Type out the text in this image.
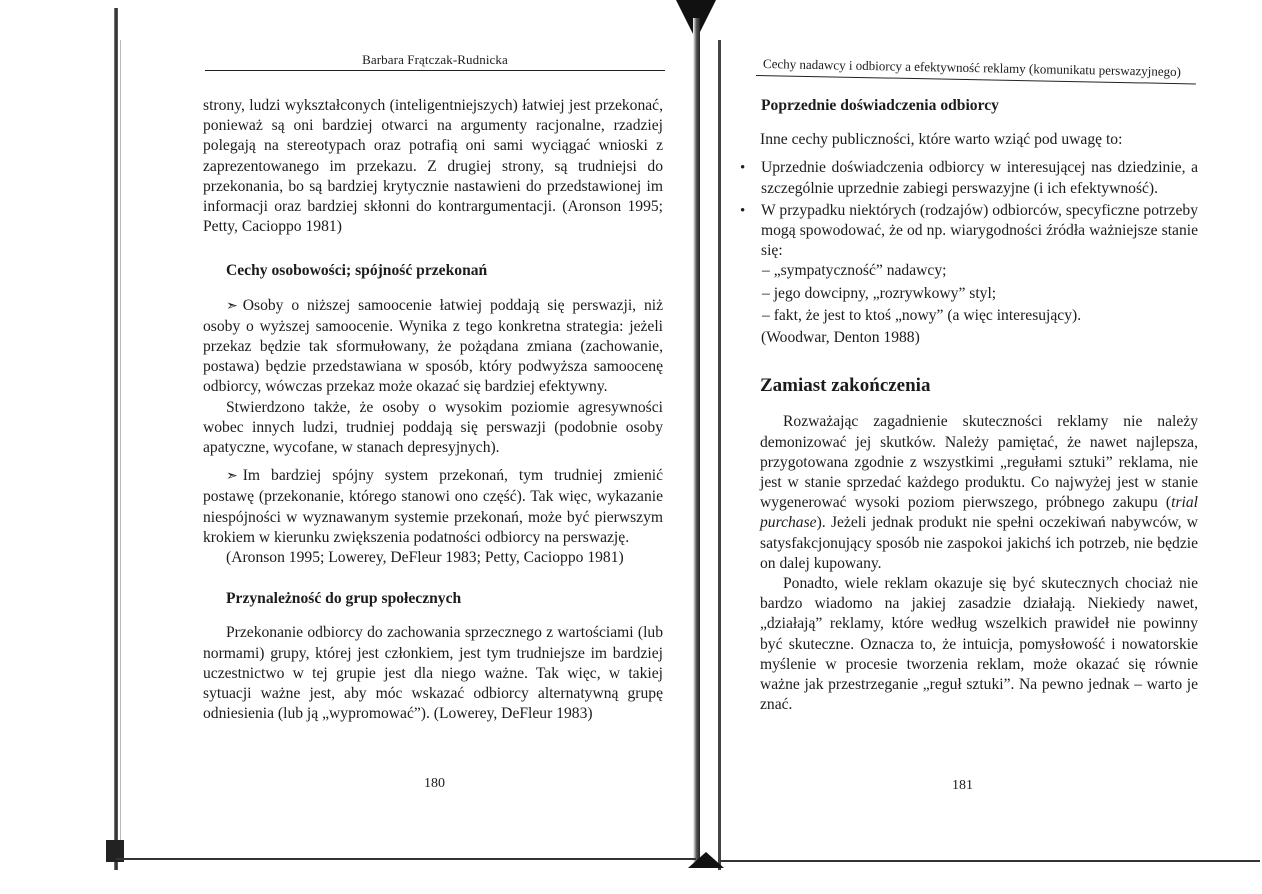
Barbara Frątczak-Rudnicka

strony, ludzi wykształconych (inteligentniejszych) łatwiej jest przekonać, ponieważ są oni bardziej otwarci na argumenty racjonalne, rzadziej polegają na stereotypach oraz potrafią oni sami wyciągać wnioski z zaprezentowanego im przekazu. Z drugiej strony, są trudniejsi do przekonania, bo są bardziej krytycznie nastawieni do przedstawionej im informacji oraz bardziej skłonni do kontrargumentacji. (Aronson 1995; Petty, Cacioppo 1981)

Cechy osobowości; spójność przekonań

➣ Osoby o niższej samoocenie łatwiej poddają się perswazji, niż osoby o wyższej samoocenie. Wynika z tego konkretna strategia: jeżeli przekaz będzie tak sformułowany, że pożądana zmiana (zachowanie, postawa) będzie przedstawiana w sposób, który podwyższa samoocenę odbiorcy, wówczas przekaz może okazać się bardziej efektywny.

Stwierdzono także, że osoby o wysokim poziomie agresywności wobec innych ludzi, trudniej poddają się perswazji (podobnie osoby apatyczne, wycofane, w stanach depresyjnych).

➣ Im bardziej spójny system przekonań, tym trudniej zmienić postawę (przekonanie, którego stanowi ono część). Tak więc, wykazanie niespójności w wyznawanym systemie przekonań, może być pierwszym krokiem w kierunku zwiększenia podatności odbiorcy na perswazję.

(Aronson 1995; Lowerey, DeFleur 1983; Petty, Cacioppo 1981)

Przynależność do grup społecznych

Przekonanie odbiorcy do zachowania sprzecznego z wartościami (lub normami) grupy, której jest członkiem, jest tym trudniejsze im bardziej uczestnictwo w tej grupie jest dla niego ważne. Tak więc, w takiej sytuacji ważne jest, aby móc wskazać odbiorcy alternatywną grupę odniesienia (lub ją „wypromować”). (Lowerey, DeFleur 1983)

180
Cechy nadawcy i odbiorcy a efektywność reklamy (komunikatu perswazyjnego)
Poprzednie doświadczenia odbiorcy

Inne cechy publiczności, które warto wziąć pod uwagę to:

• Uprzednie doświadczenia odbiorcy w interesującej nas dziedzinie, a szczególnie uprzednie zabiegi perswazyjne (i ich efektywność).
• W przypadku niektórych (rodzajów) odbiorców, specyficzne potrzeby mogą spowodować, że od np. wiarygodności źródła ważniejsze stanie się:
– „sympatyczność” nadawcy;
– jego dowcipny, „rozrywkowy” styl;
– fakt, że jest to ktoś „nowy” (a więc interesujący).
(Woodwar, Denton 1988)
Zamiast zakończenia

Rozważając zagadnienie skuteczności reklamy nie należy demonizować jej skutków. Należy pamiętać, że nawet najlepsza, przygotowana zgodnie z wszystkimi „regułami sztuki” reklama, nie jest w stanie sprzedać każdego produktu. Co najwyżej jest w stanie wygenerować wysoki poziom pierwszego, próbnego zakupu (trial purchase). Jeżeli jednak produkt nie spełni oczekiwań nabywców, w satysfakcjonujący sposób nie zaspokoi jakichś ich potrzeb, nie będzie on dalej kupowany.

Ponadto, wiele reklam okazuje się być skutecznych chociaż nie bardzo wiadomo na jakiej zasadzie działają. Niekiedy nawet, „działają” reklamy, które według wszelkich prawideł nie powinny być skuteczne. Oznacza to, że intuicja, pomysłowość i nowatorskie myślenie w procesie tworzenia reklam, może okazać się równie ważne jak przestrzeganie „reguł sztuki”. Na pewno jednak – warto je znać.

181
